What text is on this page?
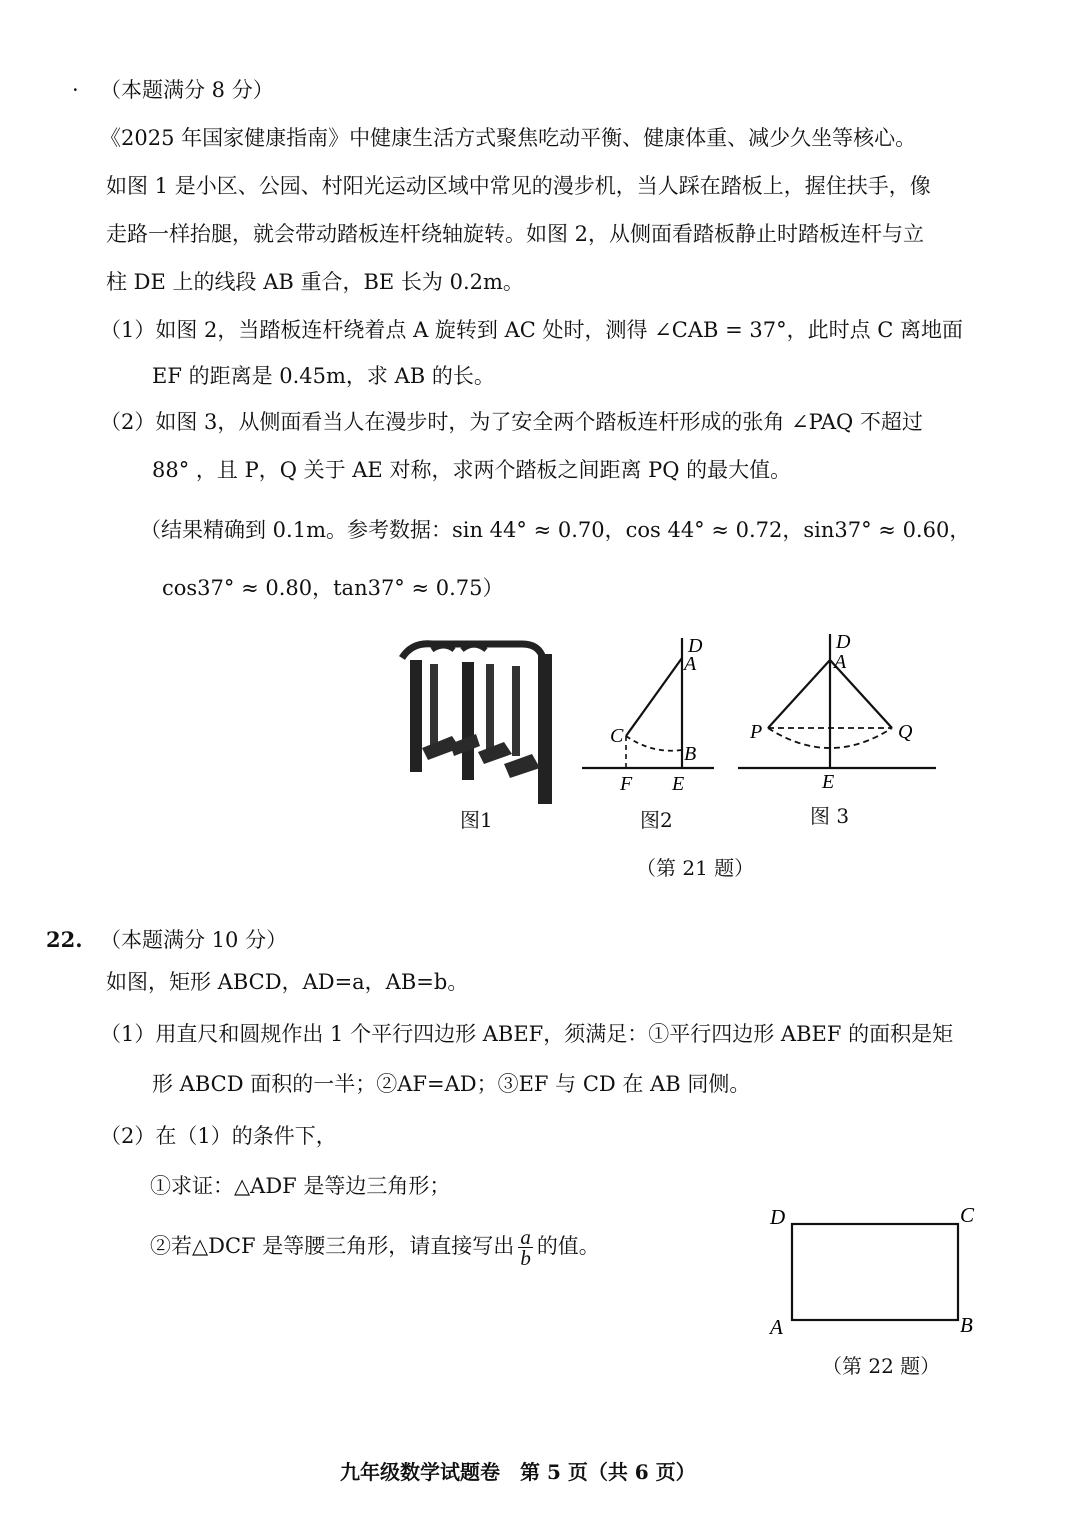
· （本题满分 8 分）
《2025 年国家健康指南》中健康生活方式聚焦吃动平衡、健康体重、减少久坐等核心。
如图 1 是小区、公园、村阳光运动区域中常见的漫步机，当人踩在踏板上，握住扶手，像
走路一样抬腿，就会带动踏板连杆绕轴旋转。如图 2，从侧面看踏板静止时踏板连杆与立
柱 DE 上的线段 AB 重合，BE 长为 0.2m。
（1）如图 2，当踏板连杆绕着点 A 旋转到 AC 处时，测得 ∠CAB = 37°，此时点 C 离地面
EF 的距离是 0.45m，求 AB 的长。
（2）如图 3，从侧面看当人在漫步时，为了安全两个踏板连杆形成的张角 ∠PAQ 不超过
88° ，且 P，Q 关于 AE 对称，求两个踏板之间距离 PQ 的最大值。
（结果精确到 0.1m。参考数据：sin 44° ≈ 0.70，cos 44° ≈ 0.72，sin37° ≈ 0.60，
cos37° ≈ 0.80，tan37° ≈ 0.75）
D
A
C
B
F E
D
A
P	Q
E
图1	图2	图 3
（第 21 题）
22. （本题满分 10 分）
如图，矩形 ABCD，AD=a，AB=b。
（1）用直尺和圆规作出 1 个平行四边形 ABEF，须满足：①平行四边形 ABEF 的面积是矩
形 ABCD 面积的一半；②AF=AD；③EF 与 CD 在 AB 同侧。
（2）在（1）的条件下，
①求证：△ADF 是等边三角形；
②若△DCF 是等腰三角形，请直接写出 $\frac{a}{b}$ 的值。
D	C
A	B
（第 22 题）
九年级数学试题卷　第 5 页（共 6 页）
